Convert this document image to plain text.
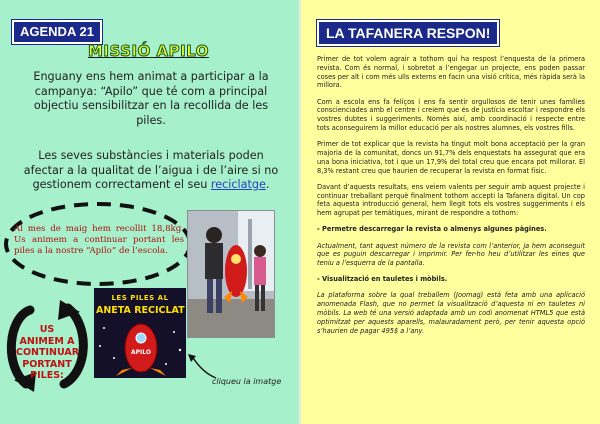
AGENDA 21
MISSIÓ APILO
Enguany ens hem animat a participar a la campanya: “Apilo” que té com a principal objectiu sensibilitzar en la recollida de les piles.
Les seves substàncies i materials poden afectar a la qualitat de l’aigua i de l’aire si no gestionem correctament el seu reciclatge.
Al mes de maig hem recollit 18,8kg. Us animem a continuar portant les piles a la nostre “Apilo” de l’escola.
US ANIMEM A CONTINUAR PORTANT PILES:
LES PILES AL
ANETA RECICLAT
APILO
cliqueu la imatge
LA TAFANERA RESPON!

Primer de tot volem agrair a tothom qui ha respost l’enquesta de la primera revista. Com és normal, i sobretot a l’engegar un projecte, ens poden passar coses per alt i com més ulls externs en facin una visió crítica, més ràpida serà la millora.

Com a escola ens fa feliços i ens fa sentir orgullosos de tenir unes famílies conscienciades amb el centre i creiem que és de justícia escoltar i respondre els vostres dubtes i suggeriments. Només així, amb coordinació i respecte entre tots aconseguirem la millor educació per als nostres alumnes, els vostres fills.

Primer de tot explicar que la revista ha tingut molt bona acceptació per la gran majoria de la comunitat, doncs un 91,7% dels enquestats ha assegurat que era una bona iniciativa, tot i que un 17,9% del total creu que encara pot millorar. El 8,3% restant creu que haurien de recuperar la revista en format físic.

Davant d’aquests resultats, ens veiem valents per seguir amb aquest projecte i continuar treballant perquè finalment tothom accepti la Tafanera digital. Un cop feta aquesta introducció general, hem llegit tots els vostres suggeriments i els hem agrupat per temàtiques, mirant de respondre a tothom:

- Permetre descarregar la revista o almenys algunes pàgines.

Actualment, tant aquest número de la revista com l’anterior, ja hem aconseguit que es puguin descarregar i imprimir. Per fer-ho heu d’utilitzar les eines que teniu a l’esquerra de la pantalla.

- Visualització en tauletes i mòbils.

La plataforma sobre la qual treballem (Joomag) està feta amb una aplicació anomenada Flash, que no permet la visualització d’aquesta ni en tauletes ni mòbils. La web té una versió adaptada amb un codi anomenat HTML5 que està optimitzat per aquests aparells, malauradament però, per tenir aquesta opció s’haurien de pagar 495$ a l’any.
